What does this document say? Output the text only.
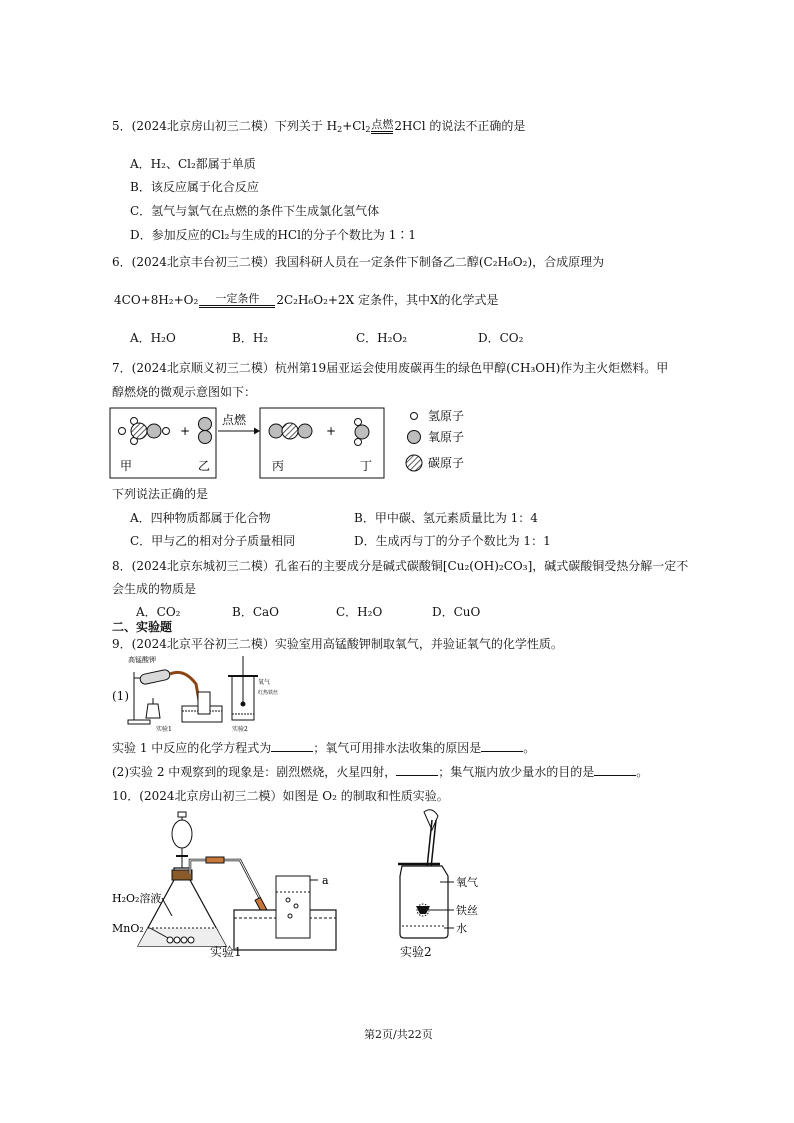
5．(2024北京房山初三二模）下列关于 $H_2+Cl_2$ 点燃 2HCl 的说法不正确的是
A．H₂、Cl₂都属于单质
B．该反应属于化合反应
C．氢气与氯气在点燃的条件下生成氯化氢气体
D．参加反应的Cl₂与生成的HCl的分子个数比为 1∶1
6．(2024北京丰台初三二模）我国科研人员在一定条件下制备乙二醇(C₂H₆O₂)，合成原理为
4CO+8H₂+O₂ 一定条件 2C₂H₆O₂+2X 定条件，其中X的化学式是
A．H₂O	B．H₂	C．H₂O₂	D．CO₂
7．(2024北京顺义初三二模）杭州第19届亚运会使用废碳再生的绿色甲醇(CH₃OH)作为主火炬燃料。甲
醇燃烧的微观示意图如下：
+
甲	乙
点燃
+
丙	丁
氢原子
氧原子
碳原子
下列说法正确的是
A．四种物质都属于化合物	B．甲中碳、氢元素质量比为 1：4
C．甲与乙的相对分子质量相同	D．生成丙与丁的分子个数比为 1：1
8．(2024北京东城初三二模）孔雀石的主要成分是碱式碳酸铜[Cu₂(OH)₂CO₃]，碱式碳酸铜受热分解一定不
会生成的物质是
A．CO₂	B．CaO	C．H₂O	D．CuO
二、实验题
9．(2024北京平谷初三二模）实验室用高锰酸钾制取氧气，并验证氧气的化学性质。
(1)
高锰酸钾
氧气
红热铁丝
实验1	实验2
实验 1 中反应的化学方程式为	；氧气可用排水法收集的原因是	。
(2)实验 2 中观察到的现象是：剧烈燃烧，火星四射，	；集气瓶内放少量水的目的是	。
10．(2024北京房山初三二模）如图是 O₂ 的制取和性质实验。
a
H₂O₂溶液
MnO₂
实验1
氧气
铁丝
水
实验2
第2页/共22页
